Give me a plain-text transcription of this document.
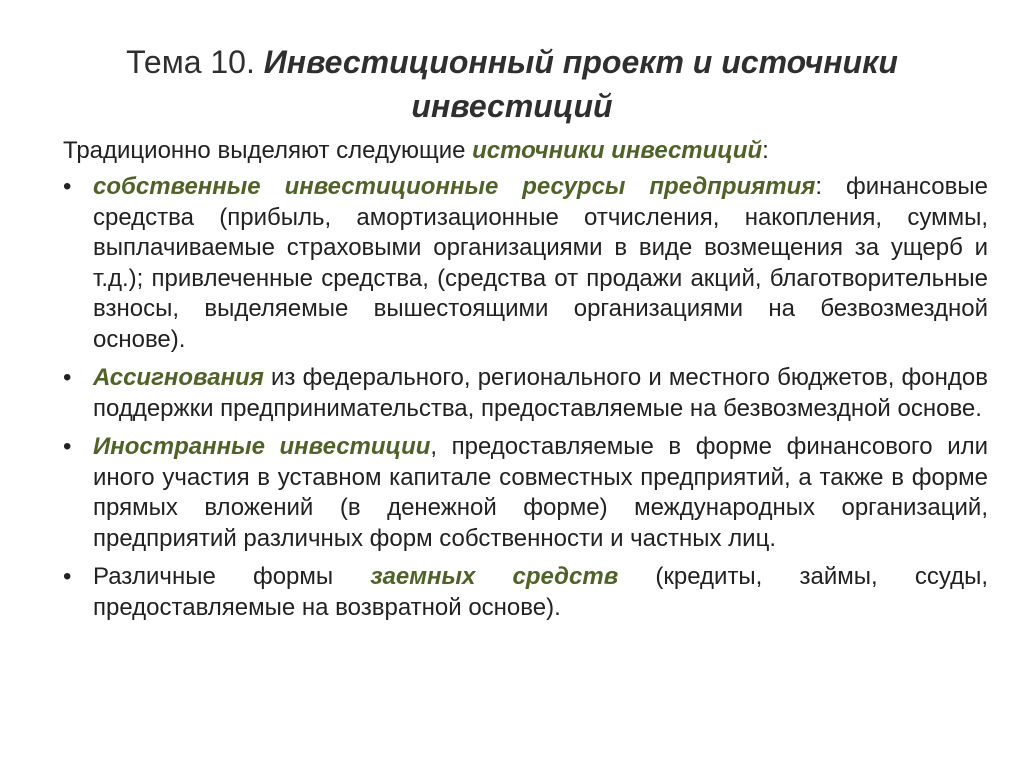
Тема 10. Инвестиционный проект и источники инвестиций
Традиционно выделяют следующие источники инвестиций:
• собственные инвестиционные ресурсы предприятия: финансовые средства (прибыль, амортизационные отчисления, накопления, суммы, выплачиваемые страховыми организациями в виде возмещения за ущерб и т.д.); привлеченные средства, (средства от продажи акций, благотворительные взносы, выделяемые вышестоящими организациями на безвозмездной основе).
• Ассигнования из федерального, регионального и местного бюджетов, фондов поддержки предпринимательства, предоставляемые на безвозмездной основе.
• Иностранные инвестиции, предоставляемые в форме финансового или иного участия в уставном капитале совместных предприятий, а также в форме прямых вложений (в денежной форме) международных организаций, предприятий различных форм собственности и частных лиц.
• Различные формы заемных средств (кредиты, займы, ссуды, предоставляемые на возвратной основе).
